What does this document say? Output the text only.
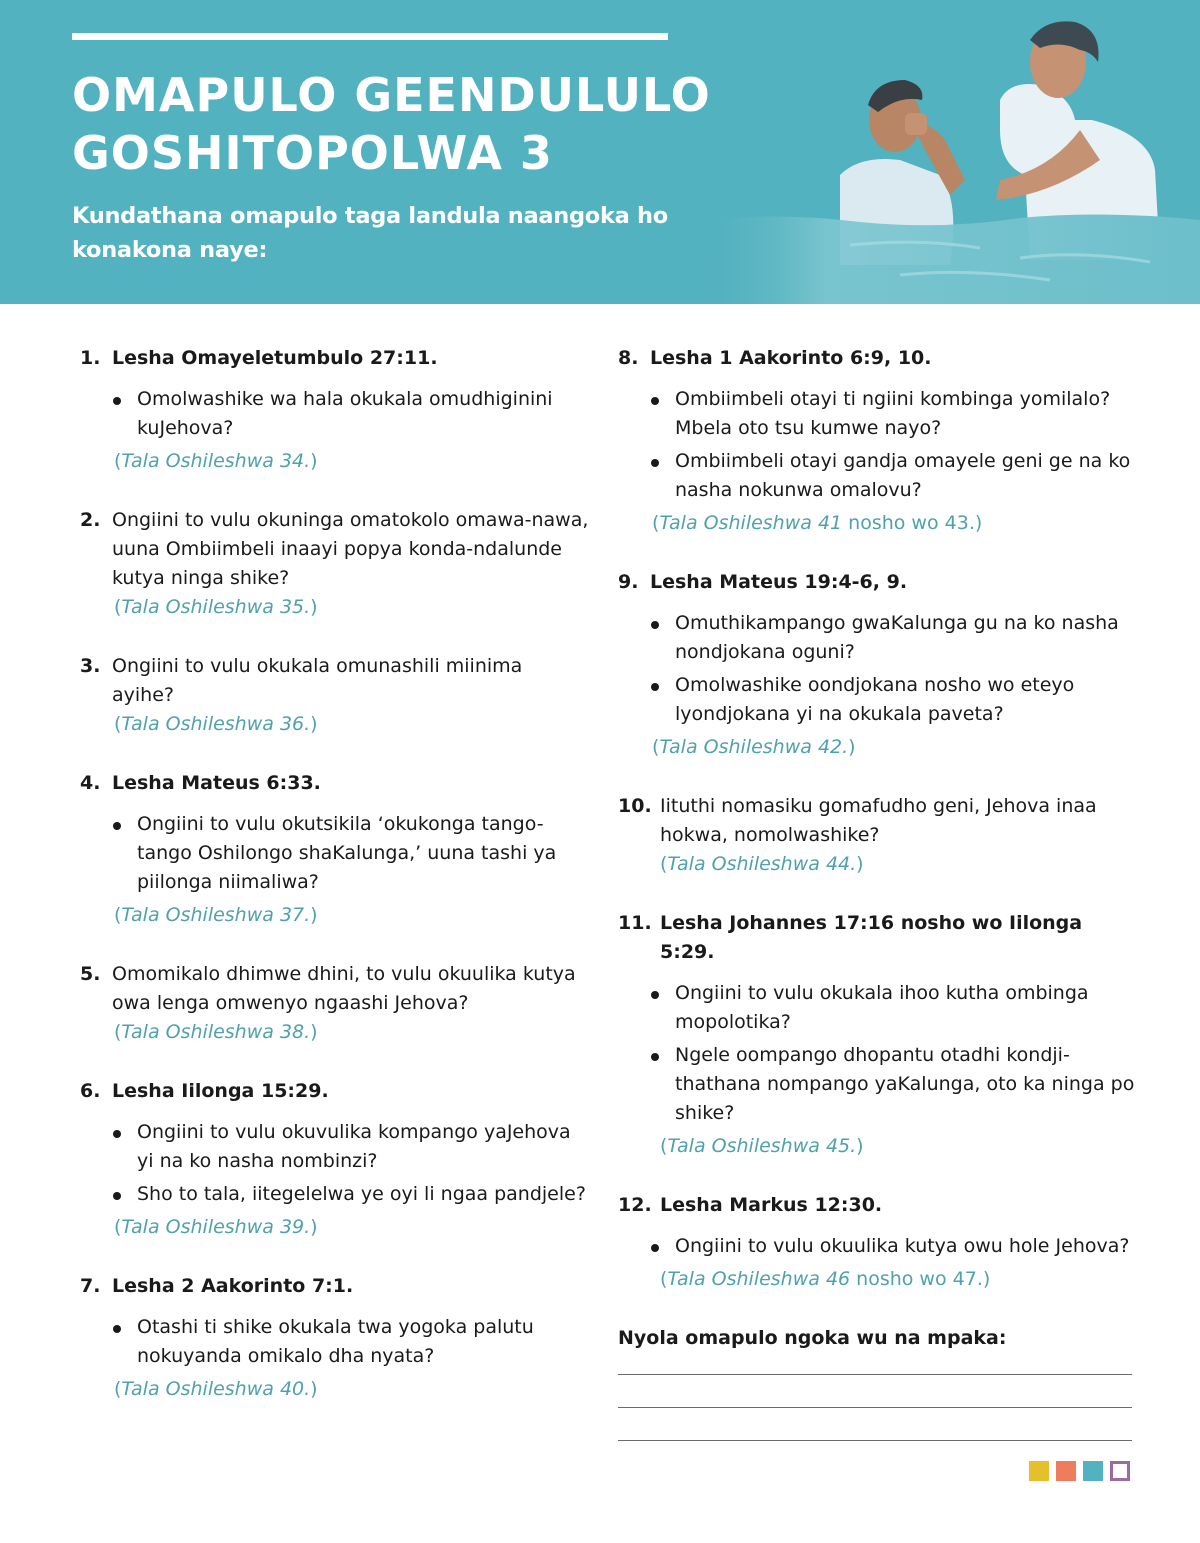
OMAPULO GEENDULULO
GOSHITOPOLWA 3
Kundathana omapulo taga landula naangoka ho konakona naye:
1. Lesha Omayeletumbulo 27:11.
Omolwashike wa hala okukala omudhiginini kuJehova?
(Tala Oshileshwa 34.)
2. Ongiini to vulu okuninga omatokolo omawa-nawa, uuna Ombiimbeli inaayi popya konda-ndalunde kutya ninga shike?
(Tala Oshileshwa 35.)
3. Ongiini to vulu okukala omunashili miinima ayihe?
(Tala Oshileshwa 36.)
4. Lesha Mateus 6:33.
Ongiini to vulu okutsikila ‘okukonga tango-tango Oshilongo shaKalunga,’ uuna tashi ya piilonga niimaliwa?
(Tala Oshileshwa 37.)
5. Omomikalo dhimwe dhini, to vulu okuulika kutya owa lenga omwenyo ngaashi Jehova?
(Tala Oshileshwa 38.)
6. Lesha Iilonga 15:29.
Ongiini to vulu okuvulika kompango yaJehova yi na ko nasha nombinzi?
Sho to tala, iitegelelwa ye oyi li ngaa pandjele?
(Tala Oshileshwa 39.)
7. Lesha 2 Aakorinto 7:1.
Otashi ti shike okukala twa yogoka palutu nokuyanda omikalo dha nyata?
(Tala Oshileshwa 40.)
8. Lesha 1 Aakorinto 6:9, 10.
Ombiimbeli otayi ti ngiini kombinga yomilalo? Mbela oto tsu kumwe nayo?
Ombiimbeli otayi gandja omayele geni ge na ko nasha nokunwa omalovu?
(Tala Oshileshwa 41 nosho wo 43.)
9. Lesha Mateus 19:4-6, 9.
Omuthikampango gwaKalunga gu na ko nasha nondjokana oguni?
Omolwashike oondjokana nosho wo eteyo lyondjokana yi na okukala paveta?
(Tala Oshileshwa 42.)
10. Iituthi nomasiku gomafudho geni, Jehova inaa hokwa, nomolwashike?
(Tala Oshileshwa 44.)
11. Lesha Johannes 17:16 nosho wo Iilonga 5:29.
Ongiini to vulu okukala ihoo kutha ombinga mopolotika?
Ngele oompango dhopantu otadhi kondji-thathana nompango yaKalunga, oto ka ninga po shike?
(Tala Oshileshwa 45.)
12. Lesha Markus 12:30.
Ongiini to vulu okuulika kutya owu hole Jehova?
(Tala Oshileshwa 46 nosho wo 47.)
Nyola omapulo ngoka wu na mpaka:
